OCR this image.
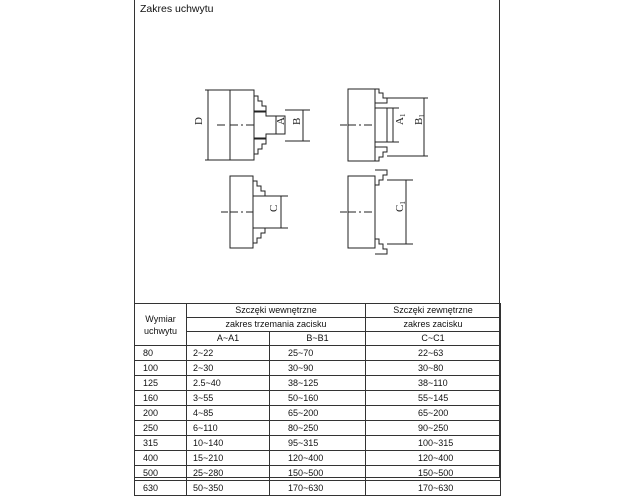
Zakres uchwytu
D	A B	A1
B1
C	C1
Wymiar
uchwytu	Szczęki wewnętrzne		Szczęki zewnętrzne
	zakres trzemania zacisku		zakres zacisku
	A~A1	B~B1	C~C1
80	2~22	25~70	22~63
100	2~30	30~90	30~80
125	2.5~40	38~125	38~110
160	3~55	50~160	55~145
200	4~85	65~200	65~200
250	6~110	80~250	90~250
315	10~140	95~315	100~315
400	15~210	120~400	120~400
500	25~280	150~500	150~500
630	50~350	170~630	170~630
